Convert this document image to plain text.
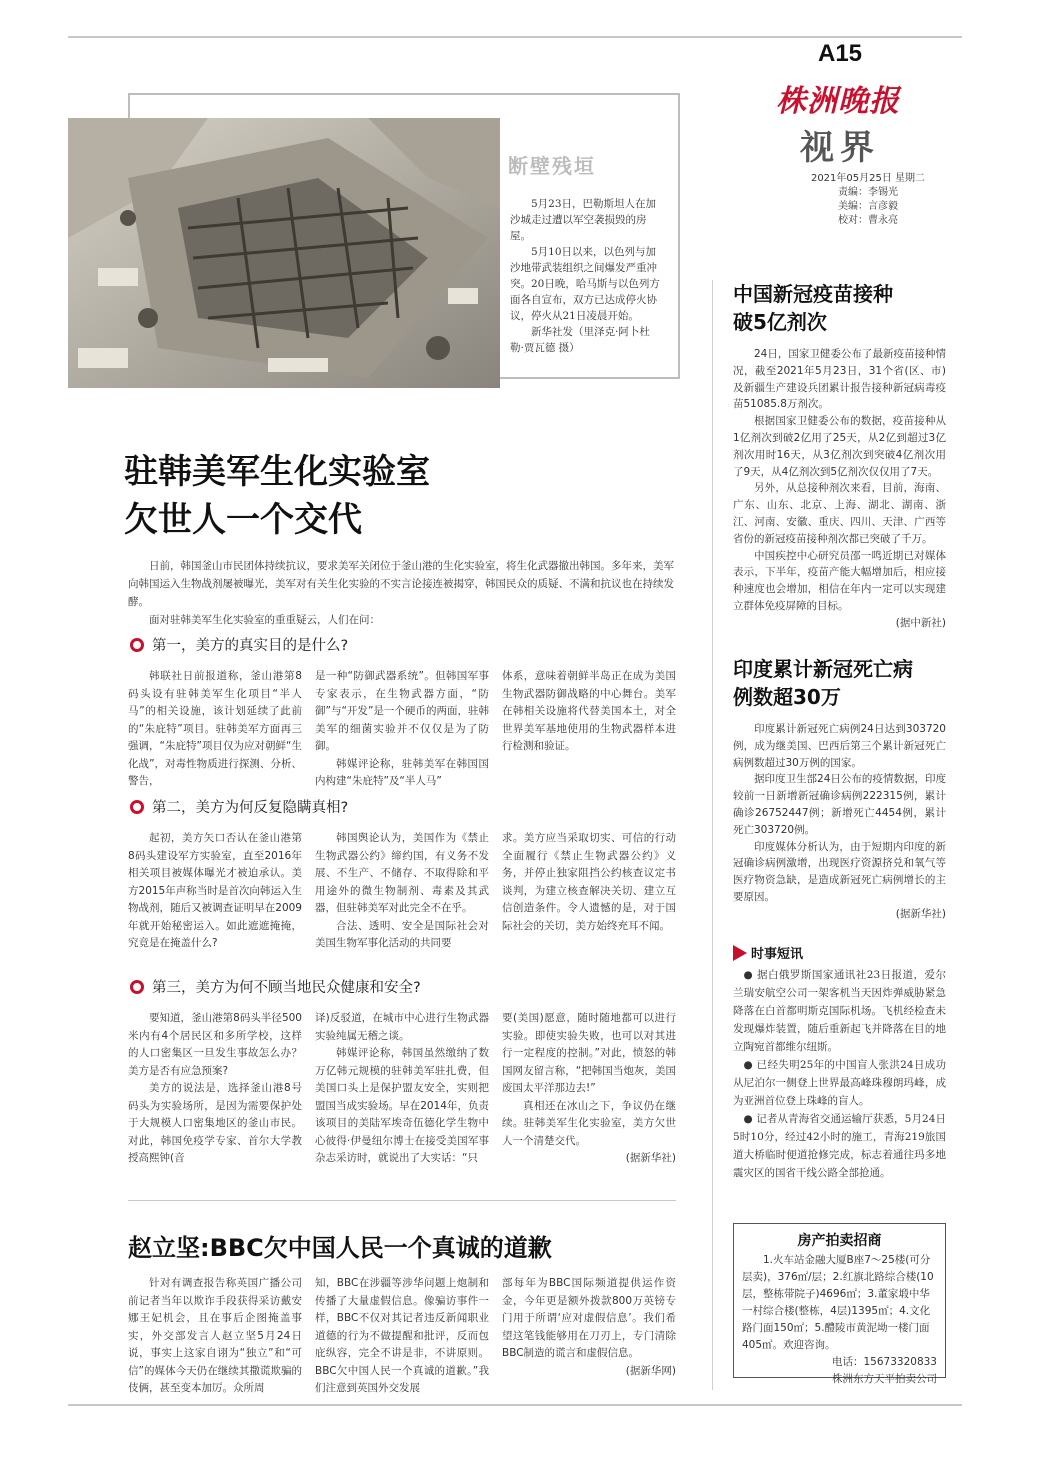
A15
株洲晚报
视界
2021年05月25日 星期二
责编：李锡光
美编：言彦毅
校对：曹永亮
断壁残垣

5月23日，巴勒斯坦人在加沙城走过遭以军空袭损毁的房屋。

5月10日以来，以色列与加沙地带武装组织之间爆发严重冲突。20日晚，哈马斯与以色列方面各自宣布，双方已达成停火协议，停火从21日凌晨开始。

新华社发（里泽克·阿卜杜勒·贾瓦德 摄）

驻韩美军生化实验室
欠世人一个交代

日前，韩国釜山市民团体持续抗议，要求美军关闭位于釜山港的生化实验室，将生化武器撤出韩国。多年来，美军向韩国运入生物战剂屡被曝光，美军对有关生化实验的不实言论接连被揭穿，韩国民众的质疑、不满和抗议也在持续发酵。

面对驻韩美军生化实验室的重重疑云，人们在问：

第一，美方的真实目的是什么?

韩联社日前报道称，釜山港第8码头设有驻韩美军生化项目“半人马”的相关设施，该计划延续了此前的“朱庇特”项目。驻韩美军方面再三强调，“朱庇特”项目仅为应对朝鲜“生化战”，对毒性物质进行探测、分析、警告，

是一种“防御武器系统”。但韩国军事专家表示，在生物武器方面，“防御”与“开发”是一个硬币的两面，驻韩美军的细菌实验并不仅仅是为了防御。

韩媒评论称，驻韩美军在韩国国内构建“朱庇特”及“半人马”

体系，意味着朝鲜半岛正在成为美国生物武器防御战略的中心舞台。美军在韩相关设施将代替美国本土，对全世界美军基地使用的生物武器样本进行检测和验证。

第二，美方为何反复隐瞒真相?

起初，美方矢口否认在釜山港第8码头建设军方实验室，直至2016年相关项目被媒体曝光才被迫承认。美方2015年声称当时是首次向韩运入生物战剂，随后又被调查证明早在2009年就开始秘密运入。如此遮遮掩掩，究竟是在掩盖什么?

韩国舆论认为，美国作为《禁止生物武器公约》缔约国，有义务不发展、不生产、不储存、不取得除和平用途外的微生物制剂、毒素及其武器，但驻韩美军对此完全不在乎。

合法、透明、安全是国际社会对美国生物军事化活动的共同要

求。美方应当采取切实、可信的行动全面履行《禁止生物武器公约》义务，并停止独家阻挡公约核查议定书谈判，为建立核查解决关切、建立互信创造条件。令人遗憾的是，对于国际社会的关切，美方始终充耳不闻。

第三，美方为何不顾当地民众健康和安全?

要知道，釜山港第8码头半径500米内有4个居民区和多所学校，这样的人口密集区一旦发生事故怎么办？美方是否有应急预案?

美方的说法是，选择釜山港8号码头为实验场所，是因为需要保护处于大规模人口密集地区的釜山市民。对此，韩国免疫学专家、首尔大学教授高熙钟(音

译)反驳道，在城市中心进行生物武器实验纯属无稽之谈。

韩媒评论称，韩国虽然缴纳了数万亿韩元规模的驻韩美军驻扎费，但美国口头上是保护盟友安全，实则把盟国当成实验场。早在2014年，负责该项目的美陆军埃奇伍德化学生物中心彼得·伊曼纽尔博士在接受美国军事杂志采访时，就说出了大实话：“只

要(美国)愿意，随时随地都可以进行实验。即使实验失败，也可以对其进行一定程度的控制。”对此，愤怒的韩国网友留言称，“把韩国当炮灰，美国废国太平洋那边去!”

真相还在冰山之下，争议仍在继续。驻韩美军生化实验室，美方欠世人一个清楚交代。

(据新华社)
赵立坚:BBC欠中国人民一个真诚的道歉

针对有调查报告称英国广播公司前记者当年以欺诈手段获得采访戴安娜王妃机会，且在事后企图掩盖事实，外交部发言人赵立坚5月24日说，事实上这家自诩为“独立”和“可信”的媒体今天仍在继续其撒谎欺骗的伎俩，甚至变本加厉。众所周

知，BBC在涉疆等涉华问题上炮制和传播了大量虚假信息。像骗访事件一样，BBC不仅对其记者违反新闻职业道德的行为不做提醒和批评，反而包庇纵容，完全不讲是非，不讲原则。BBC欠中国人民一个真诚的道歉。”我们注意到英国外交发展

部每年为BBC国际频道提供运作资金，今年更是额外拨款800万英镑专门用于所谓‘应对虚假信息’。我们希望这笔钱能够用在刀刃上，专门清除BBC制造的谎言和虚假信息。

(据新华网)
中国新冠疫苗接种
破5亿剂次

24日，国家卫健委公布了最新疫苗接种情况，截至2021年5月23日，31个省(区、市)及新疆生产建设兵团累计报告接种新冠病毒疫苗51085.8万剂次。

根据国家卫健委公布的数据，疫苗接种从1亿剂次到破2亿用了25天，从2亿到超过3亿剂次用时16天，从3亿剂次到突破4亿剂次用了9天，从4亿剂次到5亿剂次仅仅用了7天。

另外，从总接种剂次来看，目前，海南、广东、山东、北京、上海、湖北、湖南、浙江、河南、安徽、重庆、四川、天津、广西等省份的新冠疫苗接种剂次都已突破了千万。

中国疾控中心研究员邵一鸣近期已对媒体表示，下半年，疫苗产能大幅增加后，相应接种速度也会增加，相信在年内一定可以实现建立群体免疫屏障的目标。

(据中新社)
印度累计新冠死亡病
例数超30万

印度累计新冠死亡病例24日达到303720例，成为继美国、巴西后第三个累计新冠死亡病例数超过30万例的国家。

据印度卫生部24日公布的疫情数据，印度较前一日新增新冠确诊病例222315例，累计确诊26752447例；新增死亡4454例，累计死亡303720例。

印度媒体分析认为，由于短期内印度的新冠确诊病例激增，出现医疗资源挤兑和氧气等医疗物资急缺，是造成新冠死亡病例增长的主要原因。

(据新华社)
时事短讯

● 据白俄罗斯国家通讯社23日报道，爱尔兰瑞安航空公司一架客机当天因炸弹威胁紧急降落在白首都明斯克国际机场。飞机经检查未发现爆炸装置，随后重新起飞并降落在目的地立陶宛首都维尔纽斯。

● 已经失明25年的中国盲人张洪24日成功从尼泊尔一侧登上世界最高峰珠穆朗玛峰，成为亚洲首位登上珠峰的盲人。

● 记者从青海省交通运输厅获悉，5月24日5时10分，经过42小时的施工，青海219旅国道大桥临时便道抢修完成，标志着通往玛多地震灾区的国省干线公路全部抢通。

房产拍卖招商

1.火车站金融大厦B座7～25楼(可分层卖)，376㎡/层；2.红旗北路综合楼(10层，整栋带院子)4696㎡；3.董家塅中华一村综合楼(整栋，4层)1395㎡；4.文化路门面150㎡；5.醴陵市黄泥坳一楼门面405㎡。欢迎咨询。

电话：15673320833
株洲东方天平拍卖公司
